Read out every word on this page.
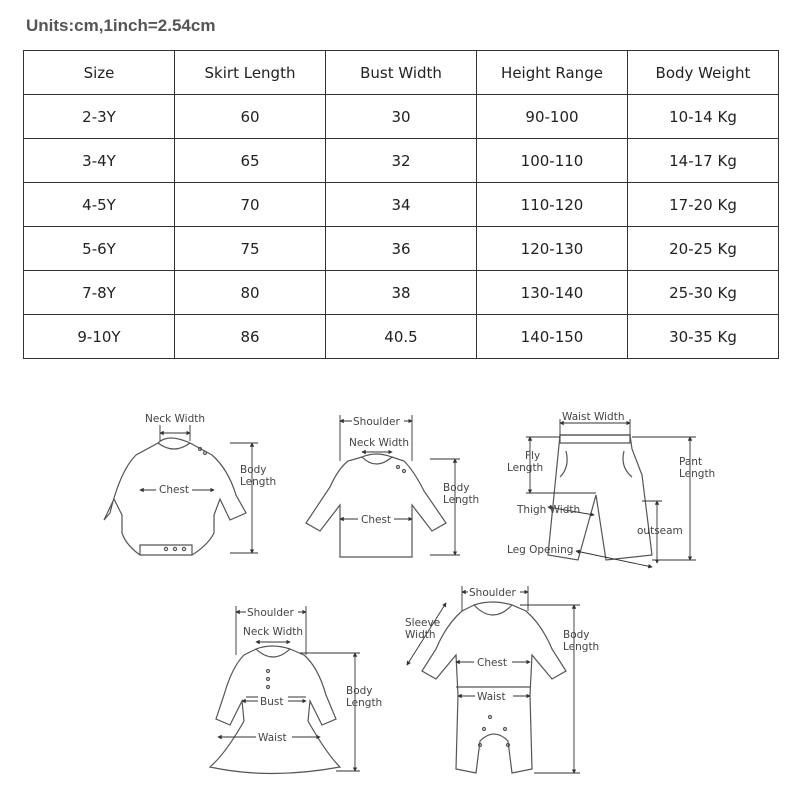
Units:cm,1inch=2.54cm
Size	Skirt Length	Bust Width	Height Range	Body Weight
2-3Y	60	30	90-100	10-14 Kg
3-4Y	65	32	100-110	14-17 Kg
4-5Y	70	34	110-120	17-20 Kg
5-6Y	75	36	120-130	20-25 Kg
7-8Y	80	38	130-140	25-30 Kg
9-10Y	86	40.5	140-150	30-35 Kg
Neck Width
Body
Length
Chest
Shoulder
Neck Width
Body
Length
Chest
Waist Width
Fly
Length	Pant
Length
Thigh Width
outseam
Leg Opening
Shoulder
Neck Width
Body
Length
Bust
Waist
Shoulder
Sleeve
Width	Body
Length
Chest
Waist
